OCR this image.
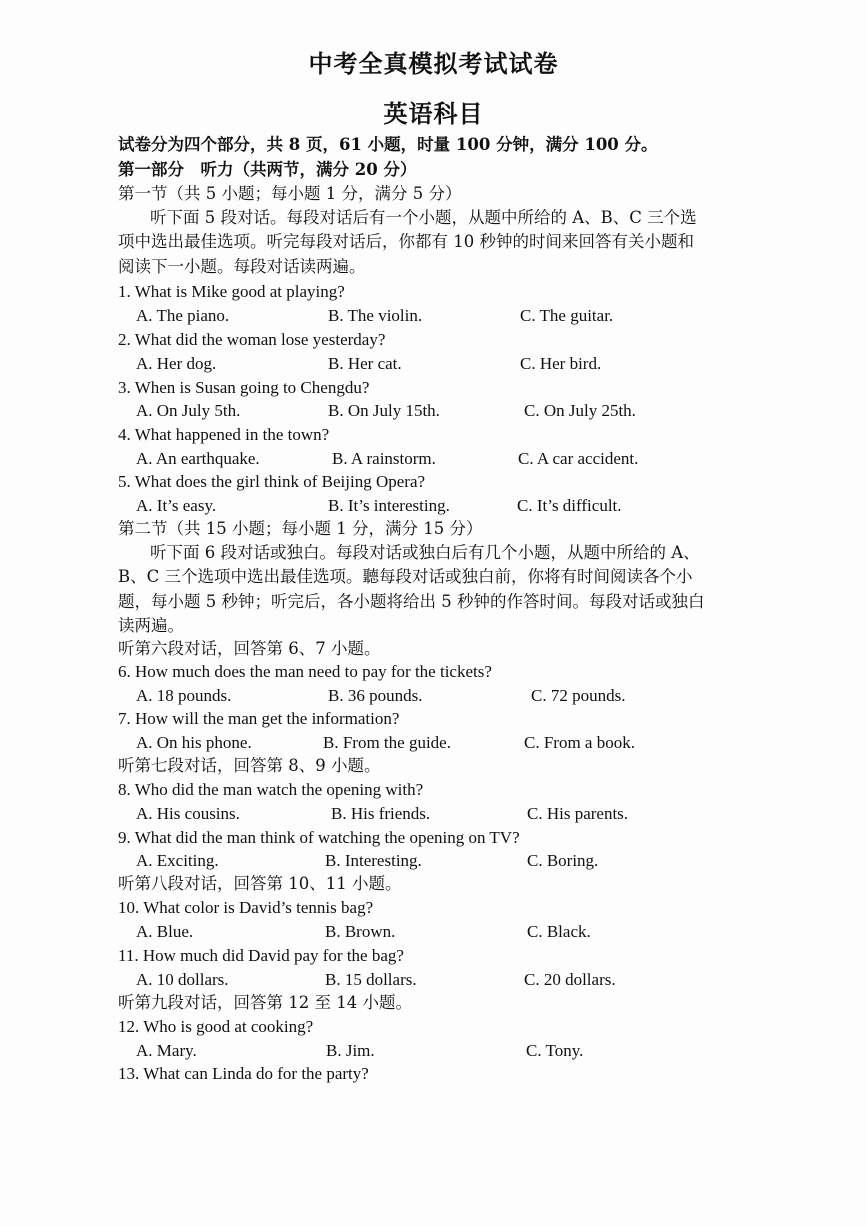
中考全真模拟考试试卷
英语科目
试卷分为四个部分，共 8 页，61 小题，时量 100 分钟，满分 100 分。
第一部分　听力（共两节，满分 20 分）
第一节（共 5 小题；每小题 1 分，满分 5 分）
听下面 5 段对话。每段对话后有一个小题，从题中所给的 A、B、C 三个选
项中选出最佳选项。听完每段对话后，你都有 10 秒钟的时间来回答有关小题和
阅读下一小题。每段对话读两遍。
1. What is Mike good at playing?
A. The piano.	B. The violin.	C. The guitar.
2. What did the woman lose yesterday?
A. Her dog.	B. Her cat.	C. Her bird.
3. When is Susan going to Chengdu?
A. On July 5th.	B. On July 15th.	C. On July 25th.
4. What happened in the town?
A. An earthquake.	B. A rainstorm.	C. A car accident.
5. What does the girl think of Beijing Opera?
A. It’s easy.	B. It’s interesting.	C. It’s difficult.
第二节（共 15 小题；每小题 1 分，满分 15 分）
听下面 6 段对话或独白。每段对话或独白后有几个小题，从题中所给的 A、
B、C 三个选项中选出最佳选项。聽每段对话或独白前，你将有时间阅读各个小
题，每小题 5 秒钟；听完后，各小题将给出 5 秒钟的作答时间。每段对话或独白
读两遍。
听第六段对话，回答第 6、7 小题。
6. How much does the man need to pay for the tickets?
A. 18 pounds.	B. 36 pounds.	C. 72 pounds.
7. How will the man get the information?
A. On his phone.	B. From the guide.	C. From a book.
听第七段对话，回答第 8、9 小题。
8. Who did the man watch the opening with?
A. His cousins.	B. His friends.	C. His parents.
9. What did the man think of watching the opening on TV?
A. Exciting.	B. Interesting.	C. Boring.
听第八段对话，回答第 10、11 小题。
10. What color is David’s tennis bag?
A. Blue.	B. Brown.	C. Black.
11. How much did David pay for the bag?
A. 10 dollars.	B. 15 dollars.	C. 20 dollars.
听第九段对话，回答第 12 至 14 小题。
12. Who is good at cooking?
A. Mary.	B. Jim.	C. Tony.
13. What can Linda do for the party?
